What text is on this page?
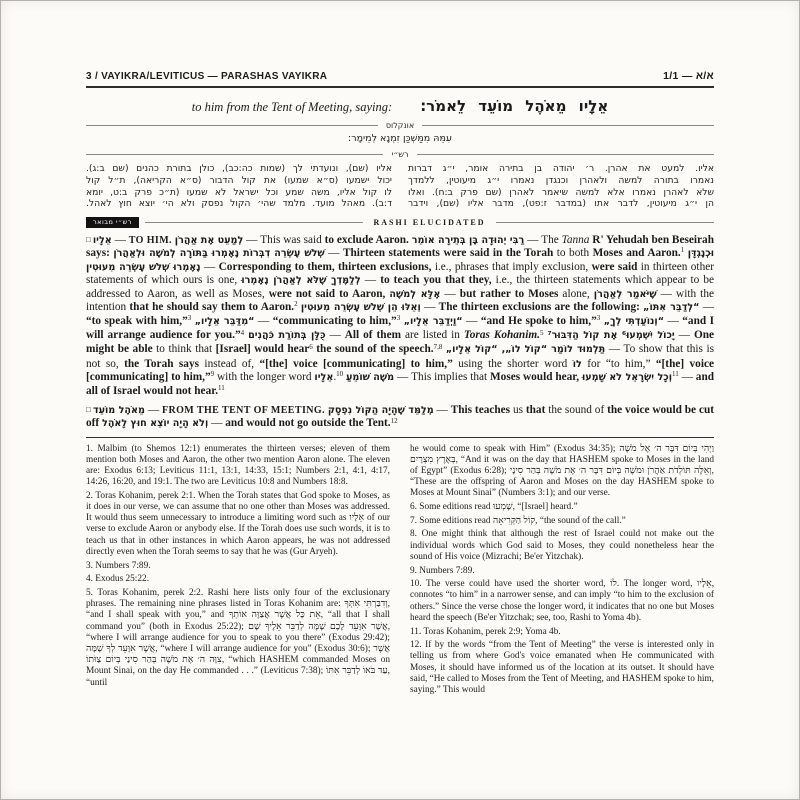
3 / VAYIKRA/LEVITICUS — PARASHAS VAYIKRA	1/1 — א/א
to him from the Tent of Meeting, saying: אֵלָיו מֵאֹהֶל מוֹעֵד לֵאמֹר:
אונקלוס
עִמֵּהּ מִמַּשְׁכַּן זִמְנָא לְמֵימָר:
רש״י
אליו. למעט את אהרן. ר׳ יהודה בן בתירה אומר, י״ג דברות
נאמרו בתורה למשה ולאהרן וכנגדן נאמרו י״ג מיעוטין, ללמדך
שלא לאהרן נאמרו אלא למשה שיאמר לאהרן (שם פרק ב:ח). ואלו
הן י״ג מיעוטין, לדבר אתו (במדבר ז:פט), מדבר אליו (שם), וידבר
אליו (שם), ונועדתי לך (שמות כה:כב), כולן בתורת כהנים (שם ב:ג).
יכול ישמעו (ס״א שמעו) את קול הדבור (ס״א הקריאה), ת״ל קול
לו קול אליו, משה שמע וכל ישראל לא שמעו (ת״כ פרק ב:ט, יומא
ד:ב). מאהל מועד. מלמד שהי׳ הקול נפסק ולא הי׳ יוצא חוץ לאהל.
רש״י מבואר	RASHI ELUCIDATED

□ אֵלָיו — TO HIM. לְמַעֵט אֶת אַהֲרֹן — This was said to exclude Aaron. רַבִּי יְהוּדָה בֶּן בְּתֵירָה אוֹמֵר — The Tanna R' Yehudah ben Beseirah says: שְׁלֹשׁ עֶשְׂרֵה דִבְּרוֹת נֶאֶמְרוּ בַּתּוֹרָה לְמֹשֶׁה וּלְאַהֲרֹן — Thirteen statements were said in the Torah to both Moses and Aaron.$^1$ וּכְנֶגְדָּן נֶאֶמְרוּ שְׁלֹשׁ עֶשְׂרֵה מִעוּטִין — Corresponding to them, thirteen exclusions, i.e., phrases that imply exclusion, were said in thirteen other statements of which ours is one, לְלַמֶּדְךָ שֶׁלֹּא לְאַהֲרֹן נֶאֶמְרוּ — to teach you that they, i.e., the thirteen statements which appear to be addressed to Aaron, as well as Moses, were not said to Aaron, אֶלָּא לְמֹשֶׁה — but rather to Moses alone, שֶׁיֹּאמַר לְאַהֲרֹן — with the intention that he should say them to Aaron.$^2$ וְאֵלּוּ הֵן שְׁלֹשׁ עֶשְׂרֵה מִעוּטִין — The thirteen exclusions are the following: “לְדַבֵּר אִתּוֹ„ — “to speak with him,”$^3$ “מִדַּבֵּר אֵלָיו„ — “communicating to him,”$^3$ “וַיְדַבֵּר אֵלָיו„ — “and He spoke to him,”$^3$ “וְנוֹעַדְתִּי לְךָ„ — “and I will arrange audience for you.”$^4$ כֻּלָּן בְּתוֹרַת כֹּהֲנִים — All of them are listed in Toras Kohanim.$^5$ יָכוֹל יִשְׁמְעוּ⁶ אֶת קוֹל הַדִּבּוּר⁷ — One might be able to think that [Israel] would hear$^6$ the sound of the speech.$^{7,8}$ תַּלְמוּד לוֹמַר “קוֹל לוֹ„, “קוֹל אֵלָיו„ — To show that this is not so, the Torah says instead of, “[the] voice [communicating] to him,” using the shorter word לוֹ for “to him,” “[the] voice [communicating] to him,”$^9$ with the longer word אֵלָיו.$^{10}$ מֹשֶׁה שׁוֹמֵעַ — This implies that Moses would hear, וְכָל יִשְׂרָאֵל לֹא שָׁמְעוּ$^{11}$ — and all of Israel would not hear.$^{11}$

□ מֵאֹהֶל מוֹעֵד — FROM THE TENT OF MEETING. מְלַמֵּד שֶׁהָיָה הַקּוֹל נִפְסָק — This teaches us that the sound of the voice would be cut off וְלֹא הָיָה יוֹצֵא חוּץ לָאֹהֶל — and would not go outside the Tent.$^{12}$

1. Malbim (to Shemos 12:1) enumerates the thirteen verses; eleven of them mention both Moses and Aaron, the other two mention Aaron alone. The eleven are: Exodus 6:13; Leviticus 11:1, 13:1, 14:33, 15:1; Numbers 2:1, 4:1, 4:17, 14:26, 16:20, and 19:1. The two are Leviticus 10:8 and Numbers 18:8.

2. Toras Kohanim, perek 2:1. When the Torah states that God spoke to Moses, as it does in our verse, we can assume that no one other than Moses was addressed. It would thus seem unnecessary to introduce a limiting word such as אֵלָיו of our verse to exclude Aaron or anybody else. If the Torah does use such words, it is to teach us that in other instances in which Aaron appears, he was not addressed directly even when the Torah seems to say that he was (Gur Aryeh).

3. Numbers 7:89.

4. Exodus 25:22.

5. Toras Kohanim, perek 2:2. Rashi here lists only four of the exclusionary phrases. The remaining nine phrases listed in Toras Kohanim are: וְדִבַּרְתִּי אִתְּךָ, “and I shall speak with you,” and אֵת כָּל אֲשֶׁר אֲצַוֶּה אוֹתְךָ, “all that I shall command you” (both in Exodus 25:22); אֲשֶׁר אִוָּעֵד לָכֶם שָׁמָּה לְדַבֵּר אֵלֶיךָ שָׁם, “where I will arrange audience for you to speak to you there” (Exodus 29:42); אֲשֶׁר אִוָּעֵד לְךָ שָׁמָּה, “where I will arrange audience for you” (Exodus 30:6); אֲשֶׁר צִוָּה ה׳ אֶת מֹשֶׁה בְּהַר סִינַי בְּיוֹם צַוֹּתוֹ, “which HASHEM commanded Moses on Mount Sinai, on the day He commanded . . .” (Leviticus 7:38); עַד בֹּאוֹ לְדַבֵּר אִתּוֹ, “until

he would come to speak with Him” (Exodus 34:35); וַיְהִי בְּיוֹם דִּבֶּר ה׳ אֶל מֹשֶׁה בְּאֶרֶץ מִצְרָיִם, “And it was on the day that HASHEM spoke to Moses in the land of Egypt” (Exodus 6:28); וְאֵלֶּה תּוֹלְדֹת אַהֲרֹן וּמֹשֶׁה בְּיוֹם דִּבֶּר ה׳ אֶת מֹשֶׁה בְּהַר סִינָי, “These are the offspring of Aaron and Moses on the day HASHEM spoke to Moses at Mount Sinai” (Numbers 3:1); and our verse.

6. Some editions read שָׁמְעוּ, “[Israel] heard.”

7. Some editions read קוֹל הַקְּרִיאָה, “the sound of the call.”

8. One might think that although the rest of Israel could not make out the individual words which God said to Moses, they could nonetheless hear the sound of His voice (Mizrachi; Be'er Yitzchak).

9. Numbers 7:89.

10. The verse could have used the shorter word, לוֹ. The longer word, אֵלָיו, connotes “to him” in a narrower sense, and can imply “to him to the exclusion of others.” Since the verse chose the longer word, it indicates that no one but Moses heard the speech (Be'er Yitzchak; see, too, Rashi to Yoma 4b).

11. Toras Kohanim, perek 2:9; Yoma 4b.

12. If by the words “from the Tent of Meeting” the verse is interested only in telling us from where God's voice emanated when He communicated with Moses, it should have informed us of the location at its outset. It should have said, “He called to Moses from the Tent of Meeting, and HASHEM spoke to him, saying.” This would
